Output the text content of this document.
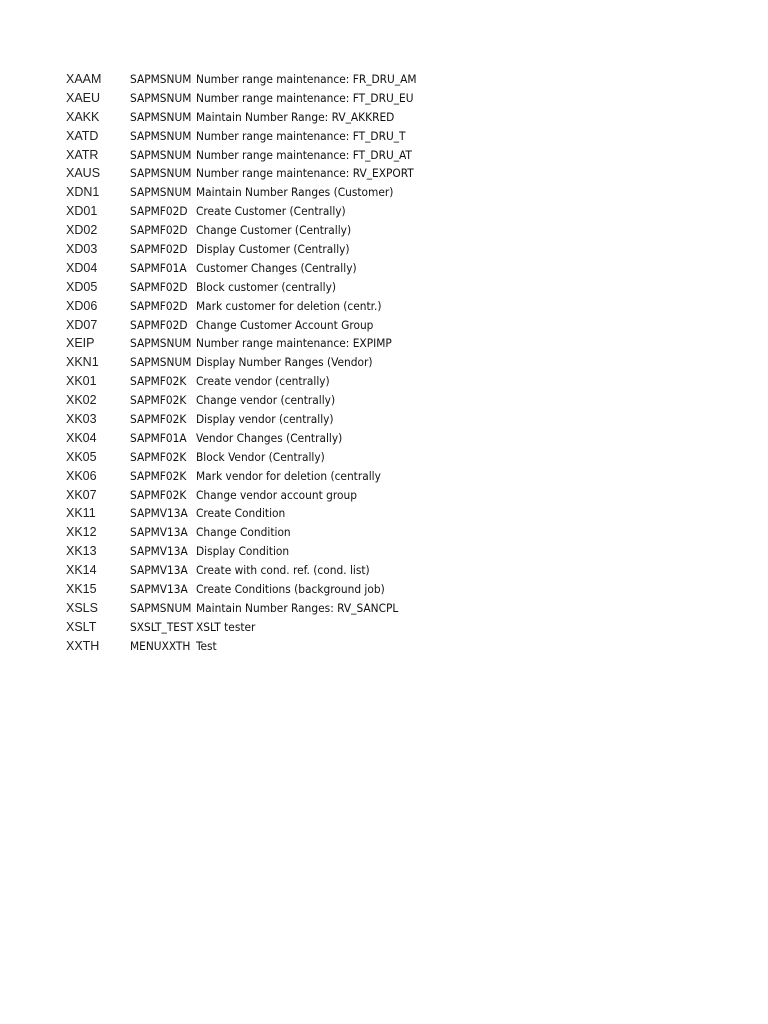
XAAM	SAPMSNUM Number range maintenance: FR_DRU_AM
XAEU	SAPMSNUM Number range maintenance: FT_DRU_EU
XAKK	SAPMSNUM Maintain Number Range: RV_AKKRED
XATD	SAPMSNUM Number range maintenance: FT_DRU_T
XATR	SAPMSNUM Number range maintenance: FT_DRU_AT
XAUS	SAPMSNUM Number range maintenance: RV_EXPORT
XDN1	SAPMSNUM Maintain Number Ranges (Customer)
XD01	SAPMF02D Create Customer (Centrally)
XD02	SAPMF02D Change Customer (Centrally)
XD03	SAPMF02D Display Customer (Centrally)
XD04	SAPMF01A Customer Changes (Centrally)
XD05	SAPMF02D Block customer (centrally)
XD06	SAPMF02D Mark customer for deletion (centr.)
XD07	SAPMF02D Change Customer Account Group
XEIP	SAPMSNUM Number range maintenance: EXPIMP
XKN1	SAPMSNUM Display Number Ranges (Vendor)
XK01	SAPMF02K Create vendor (centrally)
XK02	SAPMF02K Change vendor (centrally)
XK03	SAPMF02K Display vendor (centrally)
XK04	SAPMF01A Vendor Changes (Centrally)
XK05	SAPMF02K Block Vendor (Centrally)
XK06	SAPMF02K Mark vendor for deletion (centrally
XK07	SAPMF02K Change vendor account group
XK11	SAPMV13A Create Condition
XK12	SAPMV13A Change Condition
XK13	SAPMV13A Display Condition
XK14	SAPMV13A Create with cond. ref. (cond. list)
XK15	SAPMV13A Create Conditions (background job)
XSLS	SAPMSNUM Maintain Number Ranges: RV_SANCPL
XSLT	SXSLT_TEST XSLT tester
XXTH	MENUXXTH Test
